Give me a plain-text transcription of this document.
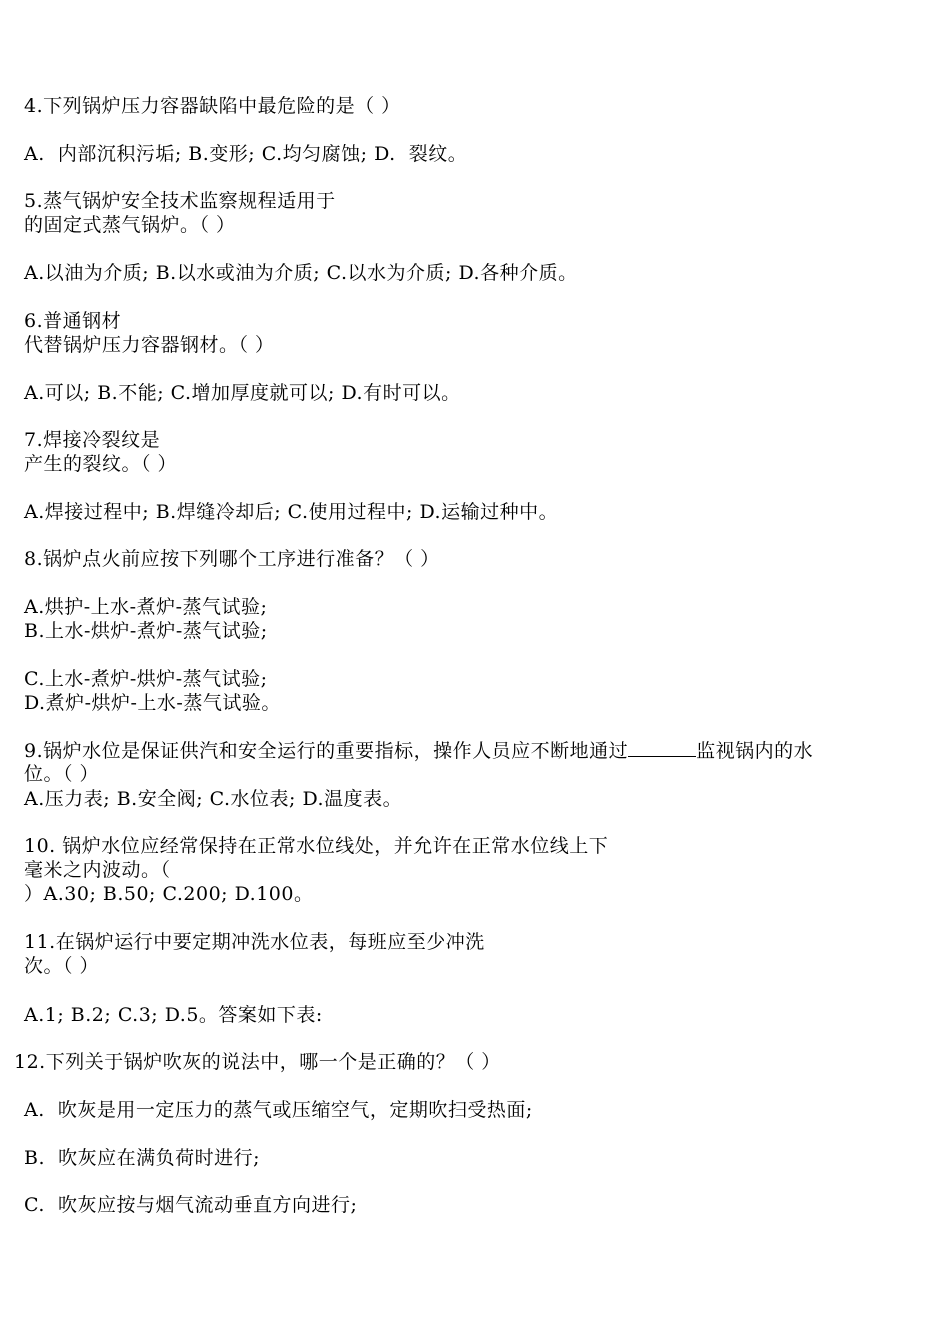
4.下列锅炉压力容器缺陷中最危险的是（ ）
A.  内部沉积污垢; B.变形; C.均匀腐蚀; D.  裂纹。
5.蒸气锅炉安全技术监察规程适用于
的固定式蒸气锅炉。（ ）
A.以油为介质; B.以水或油为介质; C.以水为介质; D.各种介质。
6.普通钢材
代替锅炉压力容器钢材。（ ）
A.可以; B.不能; C.增加厚度就可以; D.有时可以。
7.焊接冷裂纹是
产生的裂纹。（ ）
A.焊接过程中; B.焊缝冷却后; C.使用过程中; D.运输过种中。
8.锅炉点火前应按下列哪个工序进行准备？（ ）
A.烘护-上水-煮炉-蒸气试验;
B.上水-烘炉-煮炉-蒸气试验;
C.上水-煮炉-烘炉-蒸气试验;
D.煮炉-烘炉-上水-蒸气试验。
9.锅炉水位是保证供汽和安全运行的重要指标，操作人员应不断地通过	监视锅内的水
位。（ ）
A.压力表; B.安全阀; C.水位表; D.温度表。
10. 锅炉水位应经常保持在正常水位线处，并允许在正常水位线上下
毫米之内波动。（
）A.30; B.50; C.200; D.100。
11.在锅炉运行中要定期冲洗水位表，每班应至少冲洗
次。（ ）
A.1; B.2; C.3; D.5。答案如下表:
12.下列关于锅炉吹灰的说法中，哪一个是正确的？（ ）
A.  吹灰是用一定压力的蒸气或压缩空气，定期吹扫受热面;
B.  吹灰应在满负荷时进行;
C.  吹灰应按与烟气流动垂直方向进行;
